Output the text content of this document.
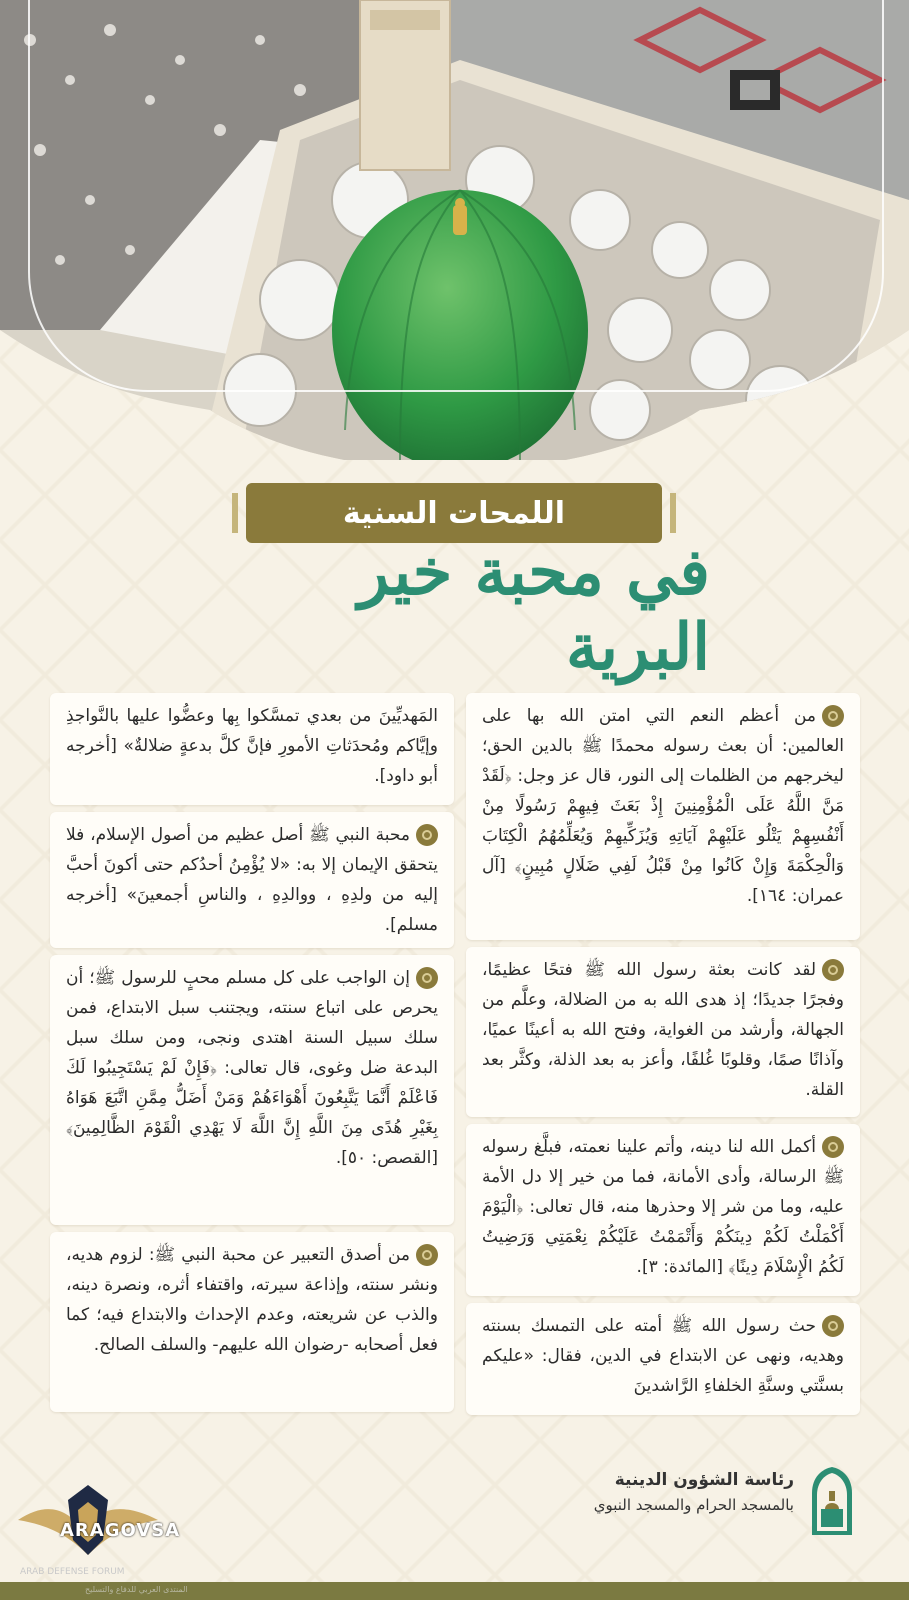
اللمحات السنية
في محبة خير البرية
من أعظم النعم التي امتن الله بها على العالمين: أن بعث رسوله محمدًا ﷺ بالدين الحق؛ ليخرجهم من الظلمات إلى النور، قال عز وجل: ﴿لَقَدْ مَنَّ اللَّهُ عَلَى الْمُؤْمِنِينَ إِذْ بَعَثَ فِيهِمْ رَسُولًا مِنْ أَنْفُسِهِمْ يَتْلُو عَلَيْهِمْ آيَاتِهِ وَيُزَكِّيهِمْ وَيُعَلِّمُهُمُ الْكِتَابَ وَالْحِكْمَةَ وَإِنْ كَانُوا مِنْ قَبْلُ لَفِي ضَلَالٍ مُبِينٍ﴾ [آل عمران: ١٦٤].
لقد كانت بعثة رسول الله ﷺ فتحًا عظيمًا، وفجرًا جديدًا؛ إذ هدى الله به من الضلالة، وعلَّم من الجهالة، وأرشد من الغواية، وفتح الله به أعينًا عميًا، وآذانًا صمًا، وقلوبًا غُلفًا، وأعز به بعد الذلة، وكثَّر بعد القلة.
أكمل الله لنا دينه، وأتم علينا نعمته، فبلَّغ رسوله ﷺ الرسالة، وأدى الأمانة، فما من خير إلا دل الأمة عليه، وما من شر إلا وحذرها منه، قال تعالى: ﴿الْيَوْمَ أَكْمَلْتُ لَكُمْ دِينَكُمْ وَأَتْمَمْتُ عَلَيْكُمْ نِعْمَتِي وَرَضِيتُ لَكُمُ الْإِسْلَامَ دِينًا﴾ [المائدة: ٣].
حث رسول الله ﷺ أمته على التمسك بسنته وهديه، ونهى عن الابتداع في الدين، فقال: «عليكم بسنَّتي وسنَّةِ الخلفاءِ الرَّاشدينَ
المَهديِّينَ من بعدي تمسَّكوا بِها وعضُّوا عليها بالنَّواجذِ وإيَّاكم ومُحدَثاتِ الأمورِ فإنَّ كلَّ بدعةٍ ضلالةٌ» [أخرجه أبو داود].
محبة النبي ﷺ أصل عظيم من أصول الإسلام، فلا يتحقق الإيمان إلا به: «لا يُؤْمِنُ أحدُكم حتى أكونَ أحبَّ إليه من ولدِهِ ، ووالدِهِ ، والناسِ أجمعينَ» [أخرجه مسلم].
إن الواجب على كل مسلم محبٍ للرسول ﷺ؛ أن يحرص على اتباع سنته، ويجتنب سبل الابتداع، فمن سلك سبيل السنة اهتدى ونجى، ومن سلك سبل البدعة ضل وغوى، قال تعالى: ﴿فَإِنْ لَمْ يَسْتَجِيبُوا لَكَ فَاعْلَمْ أَنَّمَا يَتَّبِعُونَ أَهْوَاءَهُمْ وَمَنْ أَضَلُّ مِمَّنِ اتَّبَعَ هَوَاهُ بِغَيْرِ هُدًى مِنَ اللَّهِ إِنَّ اللَّهَ لَا يَهْدِي الْقَوْمَ الظَّالِمِينَ﴾ [القصص: ٥٠].
من أصدق التعبير عن محبة النبي ﷺ: لزوم هديه، ونشر سنته، وإذاعة سيرته، واقتفاء أثره، ونصرة دينه، والذب عن شريعته، وعدم الإحداث والابتداع فيه؛ كما فعل أصحابه -رضوان الله عليهم- والسلف الصالح.
رئاسة الشؤون الدينية
بالمسجد الحرام والمسجد النبوي
ARAGOVSA
ARAB DEFENSE FORUM
المنتدى العربي للدفاع والتسليح
